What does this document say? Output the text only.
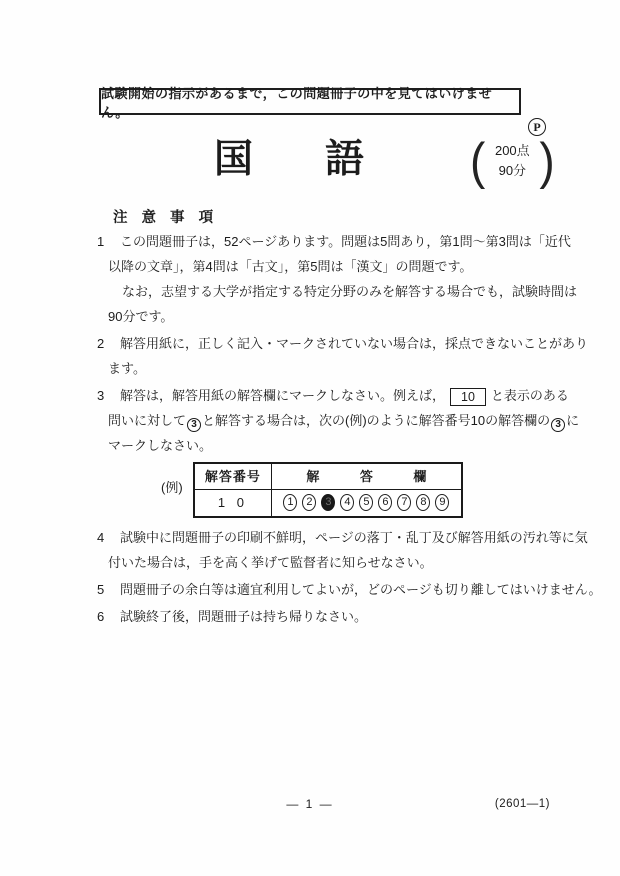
試験開始の指示があるまで，この問題冊子の中を見てはいけません。
P
国 語 ( 200点
90分 )
注 意 事 項
1 この問題冊子は，52ページあります。問題は5問あり，第1問～第3問は「近代
以降の文章」，第4問は「古文」，第5問は「漢文」の問題です。
なお，志望する大学が指定する特定分野のみを解答する場合でも，試験時間は
90分です。
2 解答用紙に，正しく記入・マークされていない場合は，採点できないことがあり
ます。
3 解答は，解答用紙の解答欄にマークしなさい。例えば， 10 と表示のある
問いに対して 3 と解答する場合は，次の(例)のように解答番号10の解答欄の 3 に
マークしなさい。
(例)
解答番号	解 答 欄

1 0	1	2	3	4	5	6	7	8	9
4 試験中に問題冊子の印刷不鮮明，ページの落丁・乱丁及び解答用紙の汚れ等に気
付いた場合は，手を高く挙げて監督者に知らせなさい。
5 問題冊子の余白等は適宜利用してよいが，どのページも切り離してはいけません。
6 試験終了後，問題冊子は持ち帰りなさい。
— 1 —	(2601—1)
